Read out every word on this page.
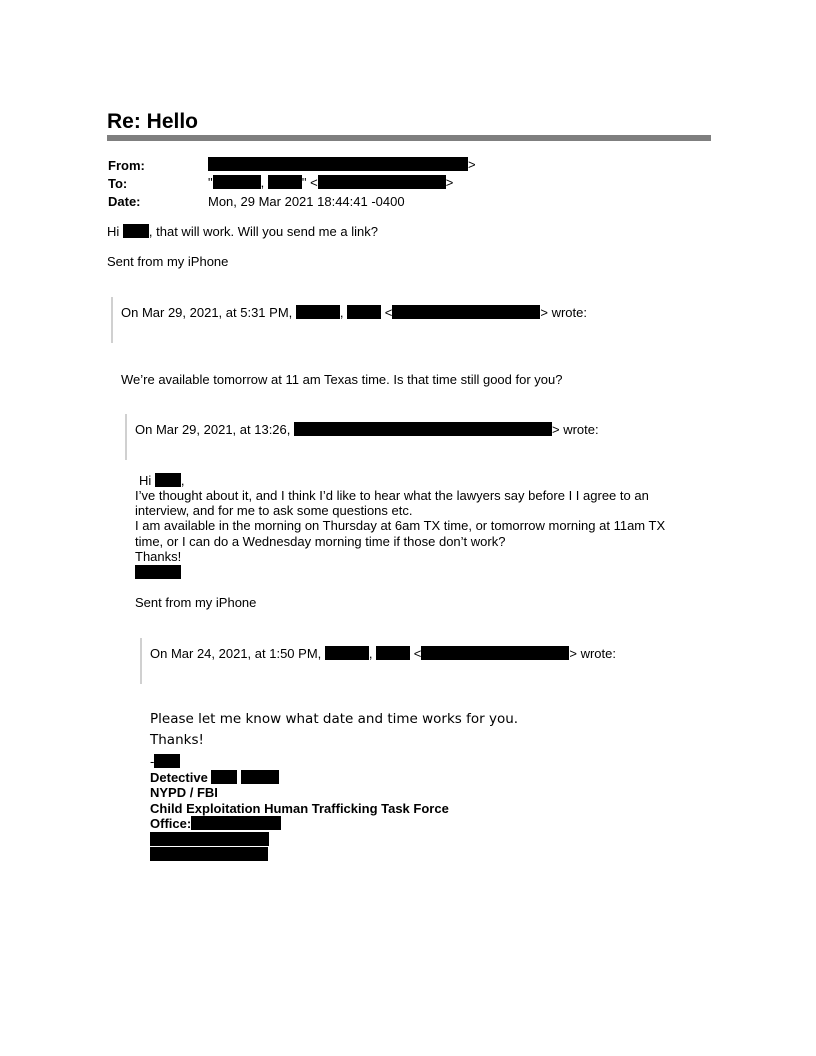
Re: Hello
From:	>
To:	"	,	" <	>
Date:	Mon, 29 Mar 2021 18:44:41 -0400
Hi , that will work. Will you send me a link?
Sent from my iPhone
On Mar 29, 2021, at 5:31 PM,	,	<	> wrote:
We’re available tomorrow at 11 am Texas time. Is that time still good for you?
On Mar 29, 2021, at 13:26,	> wrote:
Hi ,
I’ve thought about it, and I think I’d like to hear what the lawyers say before I I agree to an
interview, and for me to ask some questions etc.
I am available in the morning on Thursday at 6am TX time, or tomorrow morning at 11am TX
time, or I can do a Wednesday morning time if those don’t work?
Thanks!
Sent from my iPhone
On Mar 24, 2021, at 1:50 PM,	,	<	> wrote:
Please let me know what date and time works for you.
Thanks!
-
Detective
NYPD / FBI
Child Exploitation Human Trafficking Task Force
Office:
